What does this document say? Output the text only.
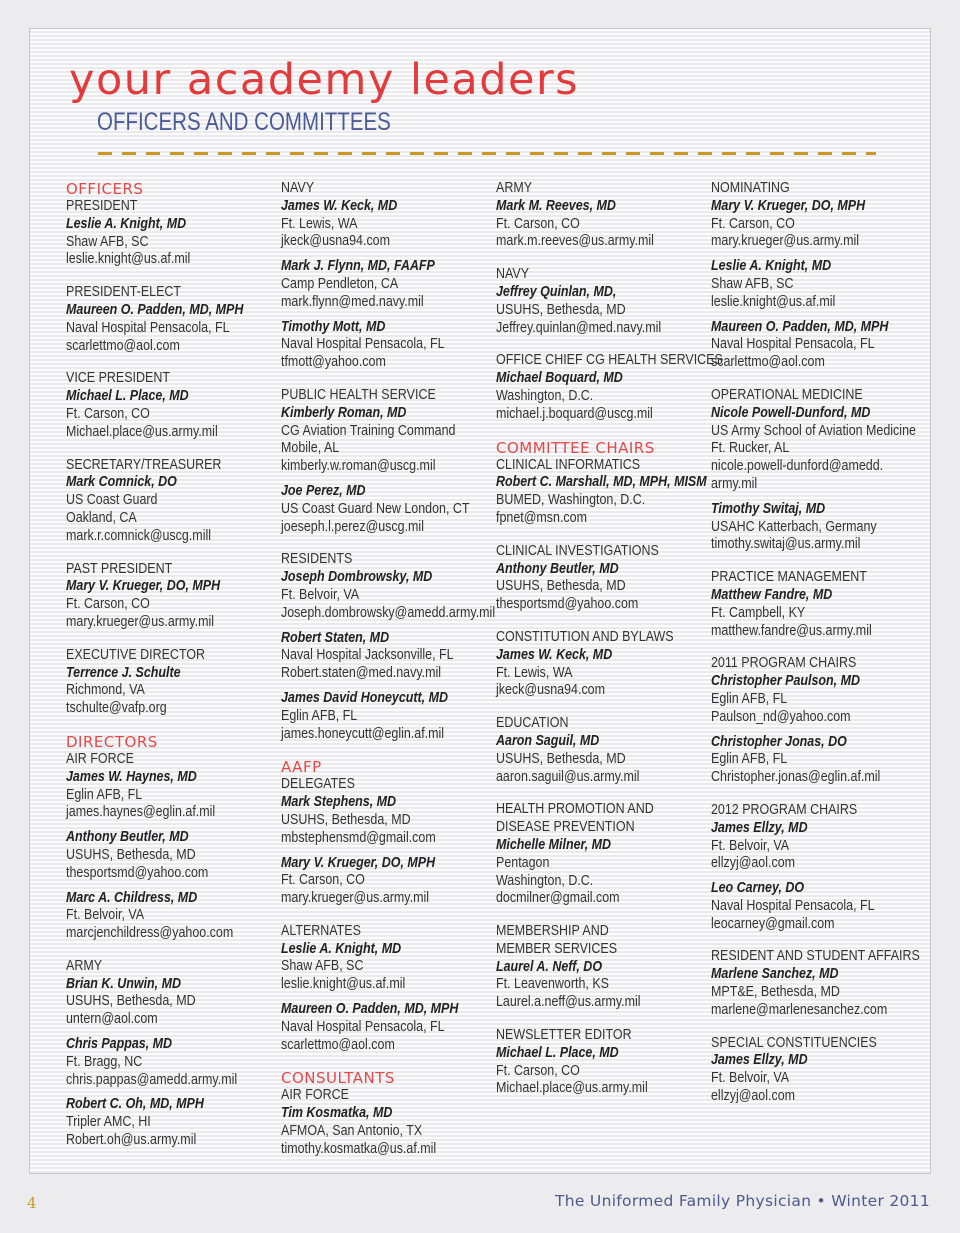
your academy leaders
OFFICERS AND COMMITTEES
OFFICERS
PRESIDENT
Leslie A. Knight, MD
Shaw AFB, SC
leslie.knight@us.af.mil
PRESIDENT-ELECT
Maureen O. Padden, MD, MPH
Naval Hospital Pensacola, FL
scarlettmo@aol.com
VICE PRESIDENT
Michael L. Place, MD
Ft. Carson, CO
Michael.place@us.army.mil
SECRETARY/TREASURER
Mark Comnick, DO
US Coast Guard
Oakland, CA
mark.r.comnick@uscg.mill
PAST PRESIDENT
Mary V. Krueger, DO, MPH
Ft. Carson, CO
mary.krueger@us.army.mil
EXECUTIVE DIRECTOR
Terrence J. Schulte
Richmond, VA
tschulte@vafp.org
DIRECTORS
AIR FORCE
James W. Haynes, MD
Eglin AFB, FL
james.haynes@eglin.af.mil
Anthony Beutler, MD
USUHS, Bethesda, MD
thesportsmd@yahoo.com
Marc A. Childress, MD
Ft. Belvoir, VA
marcjenchildress@yahoo.com
ARMY
Brian K. Unwin, MD
USUHS, Bethesda, MD
untern@aol.com
Chris Pappas, MD
Ft. Bragg, NC
chris.pappas@amedd.army.mil
Robert C. Oh, MD, MPH
Tripler AMC, HI
Robert.oh@us.army.mil
NAVY
James W. Keck, MD
Ft. Lewis, WA
jkeck@usna94.com
Mark J. Flynn, MD, FAAFP
Camp Pendleton, CA
mark.flynn@med.navy.mil
Timothy Mott, MD
Naval Hospital Pensacola, FL
tfmott@yahoo.com
PUBLIC HEALTH SERVICE
Kimberly Roman, MD
CG Aviation Training Command
Mobile, AL
kimberly.w.roman@uscg.mil
Joe Perez, MD
US Coast Guard New London, CT
joeseph.l.perez@uscg.mil
RESIDENTS
Joseph Dombrowsky, MD
Ft. Belvoir, VA
Joseph.dombrowsky@amedd.army.mil
Robert Staten, MD
Naval Hospital Jacksonville, FL
Robert.staten@med.navy.mil
James David Honeycutt, MD
Eglin AFB, FL
james.honeycutt@eglin.af.mil
AAFP
DELEGATES
Mark Stephens, MD
USUHS, Bethesda, MD
mbstephensmd@gmail.com
Mary V. Krueger, DO, MPH
Ft. Carson, CO
mary.krueger@us.army.mil
ALTERNATES
Leslie A. Knight, MD
Shaw AFB, SC
leslie.knight@us.af.mil
Maureen O. Padden, MD, MPH
Naval Hospital Pensacola, FL
scarlettmo@aol.com
CONSULTANTS
AIR FORCE
Tim Kosmatka, MD
AFMOA, San Antonio, TX
timothy.kosmatka@us.af.mil
ARMY
Mark M. Reeves, MD
Ft. Carson, CO
mark.m.reeves@us.army.mil
NAVY
Jeffrey Quinlan, MD,
USUHS, Bethesda, MD
Jeffrey.quinlan@med.navy.mil
OFFICE CHIEF CG HEALTH SERVICES
Michael Boquard, MD
Washington, D.C.
michael.j.boquard@uscg.mil
COMMITTEE CHAIRS
CLINICAL INFORMATICS
Robert C. Marshall, MD, MPH, MISM
BUMED, Washington, D.C.
fpnet@msn.com
CLINICAL INVESTIGATIONS
Anthony Beutler, MD
USUHS, Bethesda, MD
thesportsmd@yahoo.com
CONSTITUTION AND BYLAWS
James W. Keck, MD
Ft. Lewis, WA
jkeck@usna94.com
EDUCATION
Aaron Saguil, MD
USUHS, Bethesda, MD
aaron.saguil@us.army.mil
HEALTH PROMOTION AND
DISEASE PREVENTION
Michelle Milner, MD
Pentagon
Washington, D.C.
docmilner@gmail.com
MEMBERSHIP AND
MEMBER SERVICES
Laurel A. Neff, DO
Ft. Leavenworth, KS
Laurel.a.neff@us.army.mil
NEWSLETTER EDITOR
Michael L. Place, MD
Ft. Carson, CO
Michael.place@us.army.mil
NOMINATING
Mary V. Krueger, DO, MPH
Ft. Carson, CO
mary.krueger@us.army.mil
Leslie A. Knight, MD
Shaw AFB, SC
leslie.knight@us.af.mil
Maureen O. Padden, MD, MPH
Naval Hospital Pensacola, FL
scarlettmo@aol.com
OPERATIONAL MEDICINE
Nicole Powell-Dunford, MD
US Army School of Aviation Medicine
Ft. Rucker, AL
nicole.powell-dunford@amedd.
army.mil
Timothy Switaj, MD
USAHC Katterbach, Germany
timothy.switaj@us.army.mil
PRACTICE MANAGEMENT
Matthew Fandre, MD
Ft. Campbell, KY
matthew.fandre@us.army.mil
2011 PROGRAM CHAIRS
Christopher Paulson, MD
Eglin AFB, FL
Paulson_nd@yahoo.com
Christopher Jonas, DO
Eglin AFB, FL
Christopher.jonas@eglin.af.mil
2012 PROGRAM CHAIRS
James Ellzy, MD
Ft. Belvoir, VA
ellzyj@aol.com
Leo Carney, DO
Naval Hospital Pensacola, FL
leocarney@gmail.com
RESIDENT AND STUDENT AFFAIRS
Marlene Sanchez, MD
MPT&E, Bethesda, MD
marlene@marlenesanchez.com
SPECIAL CONSTITUENCIES
James Ellzy, MD
Ft. Belvoir, VA
ellzyj@aol.com

4	The Uniformed Family Physician • Winter 2011
